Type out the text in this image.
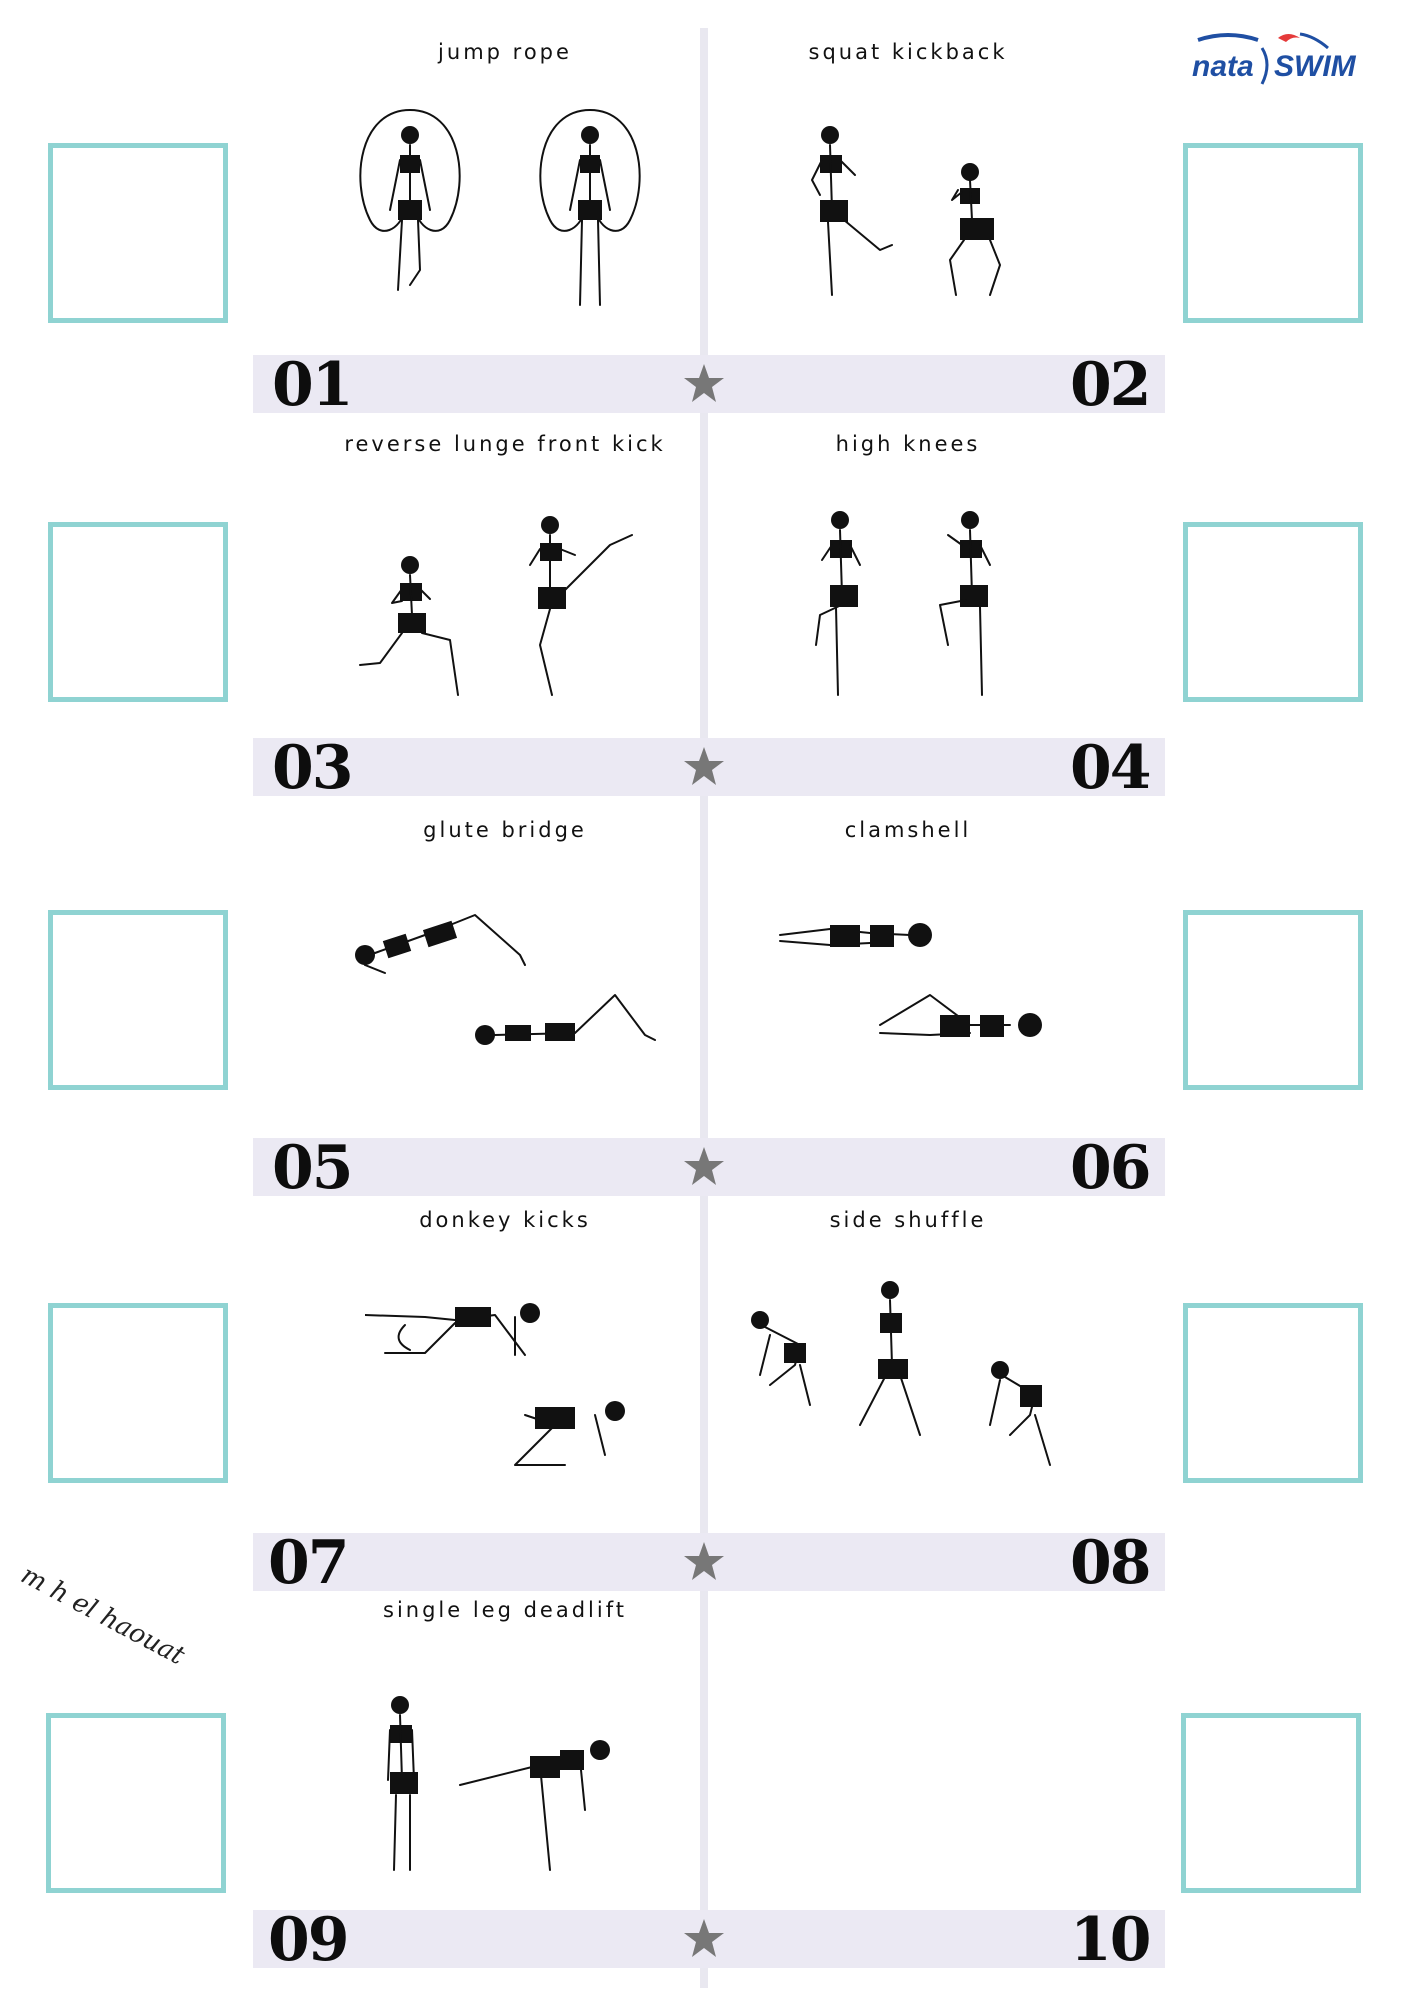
nata SWIM
jump rope	squat kickback
reverse lunge front kick	high knees
glute bridge	clamshell
donkey kicks	side shuffle
single leg deadlift
01	02
03	04
05	06
07	08
09	10
m h el haouat
